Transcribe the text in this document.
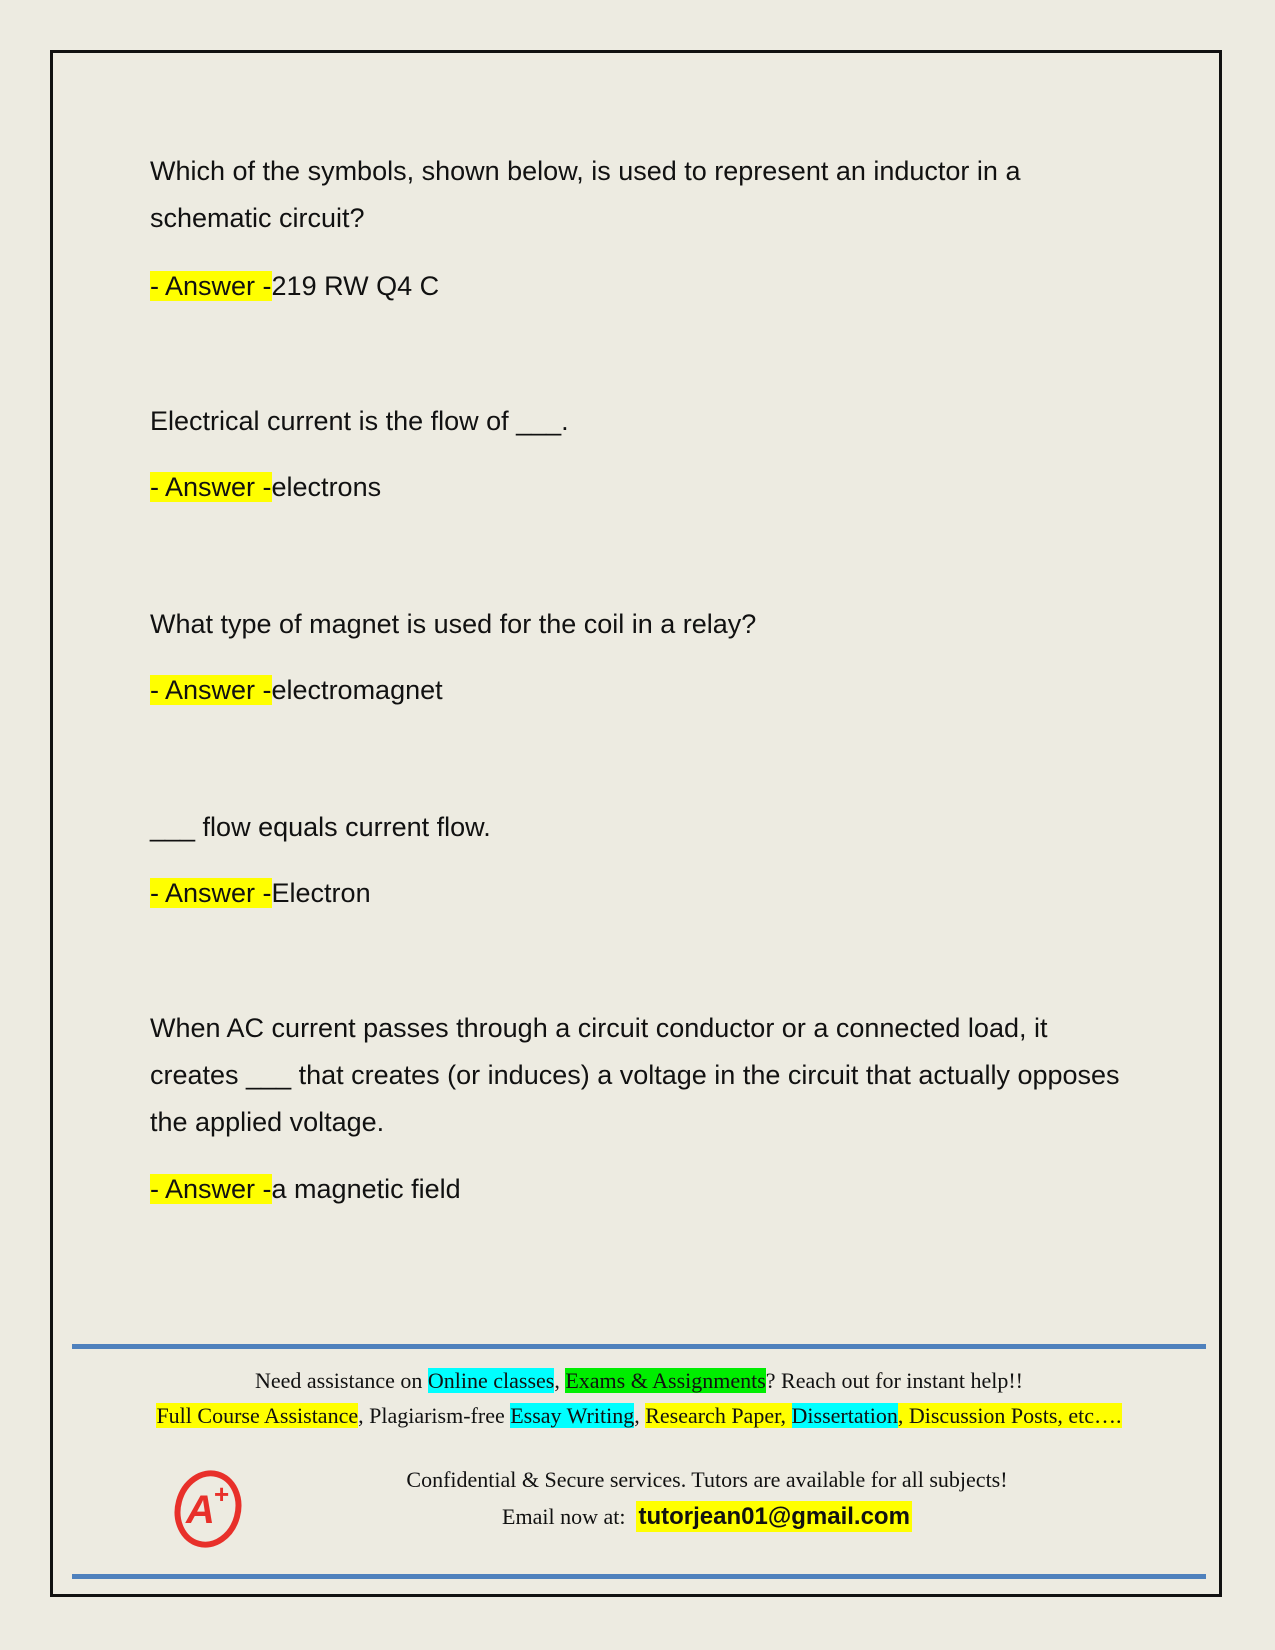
Which of the symbols, shown below, is used to represent an inductor in a schematic circuit?
- Answer -219 RW Q4 C
Electrical current is the flow of ___.
- Answer -electrons
What type of magnet is used for the coil in a relay?
- Answer -electromagnet
___ flow equals current flow.
- Answer -Electron
When AC current passes through a circuit conductor or a connected load, it creates ___ that creates (or induces) a voltage in the circuit that actually opposes the applied voltage.
- Answer -a magnetic field
Need assistance on Online classes, Exams & Assignments? Reach out for instant help!!
Full Course Assistance, Plagiarism-free Essay Writing, Research Paper, Dissertation, Discussion Posts, etc….
A +	Confidential & Secure services. Tutors are available for all subjects!
Email now at: tutorjean01@gmail.com
